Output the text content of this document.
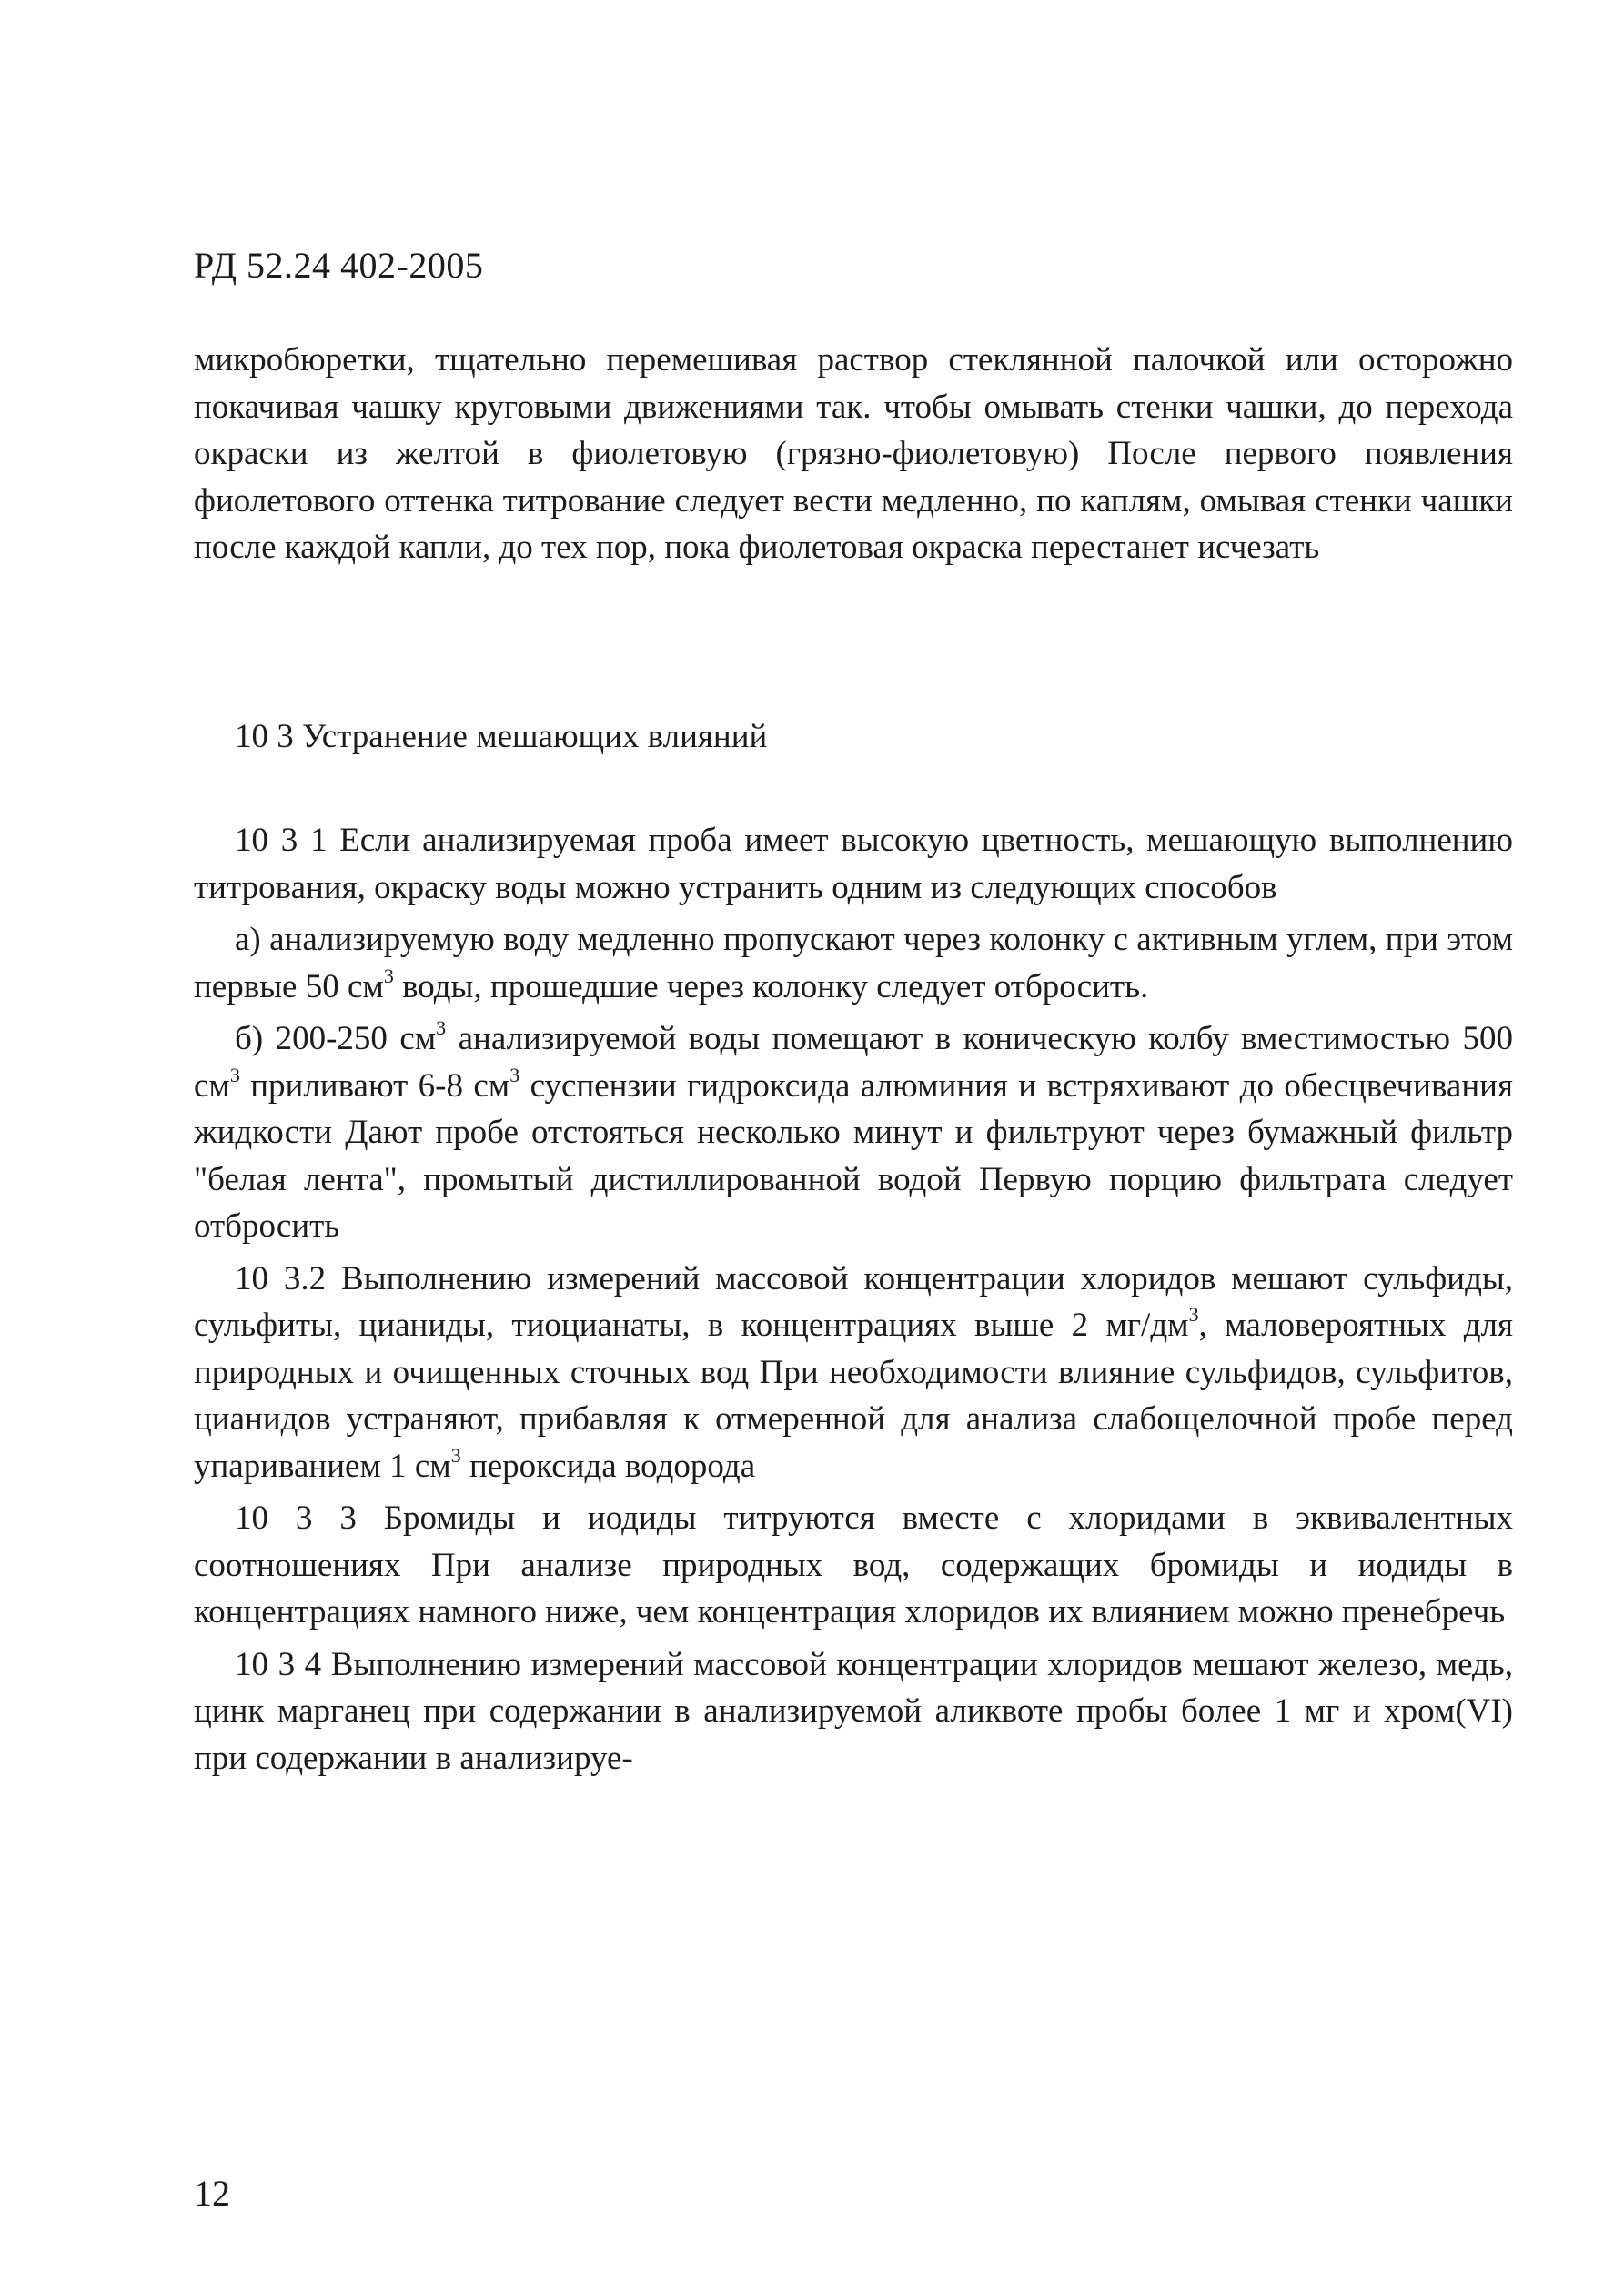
РД 52.24 402-2005

микробюретки, тщательно перемешивая раствор стеклянной палочкой или осторожно покачивая чашку круговыми движениями так. чтобы омывать стенки чашки, до перехода окраски из желтой в фиолетовую (грязно-фиолетовую) После первого появления фиолетового оттенка титрование следует вести медленно, по каплям, омывая стенки чашки после каждой капли, до тех пор, пока фиолетовая окраска перестанет исчезать

10 3 Устранение мешающих влияний

10 3 1 Если анализируемая проба имеет высокую цветность, мешающую выполнению титрования, окраску воды можно устранить одним из следующих способов

а) анализируемую воду медленно пропускают через колонку с активным углем, при этом первые 50 $см^3$ воды, прошедшие через колонку следует отбросить.

б) 200-250 $см^3$ анализируемой воды помещают в коническую колбу вместимостью 500 $см^3$ приливают 6-8 $см^3$ суспензии гидроксида алюминия и встряхивают до обесцвечивания жидкости Дают пробе отстояться несколько минут и фильтруют через бумажный фильтр "белая лента", промытый дистиллированной водой Первую порцию фильтрата следует отбросить

10 3.2 Выполнению измерений массовой концентрации хлоридов мешают сульфиды, сульфиты, цианиды, тиоцианаты, в концентрациях выше 2 $мг/дм^3$, маловероятных для природных и очищенных сточных вод При необходимости влияние сульфидов, сульфитов, цианидов устраняют, прибавляя к отмеренной для анализа слабощелочной пробе перед упариванием 1 $см^3$ пероксида водорода

10 3 3 Бромиды и иодиды титруются вместе с хлоридами в эквивалентных соотношениях При анализе природных вод, содержащих бромиды и иодиды в концентрациях намного ниже, чем концентрация хлоридов их влиянием можно пренебречь

10 3 4 Выполнению измерений массовой концентрации хлоридов мешают железо, медь, цинк марганец при содержании в анализируемой аликвоте пробы более 1 мг и хром(VI) при содержании в анализируе-

12
